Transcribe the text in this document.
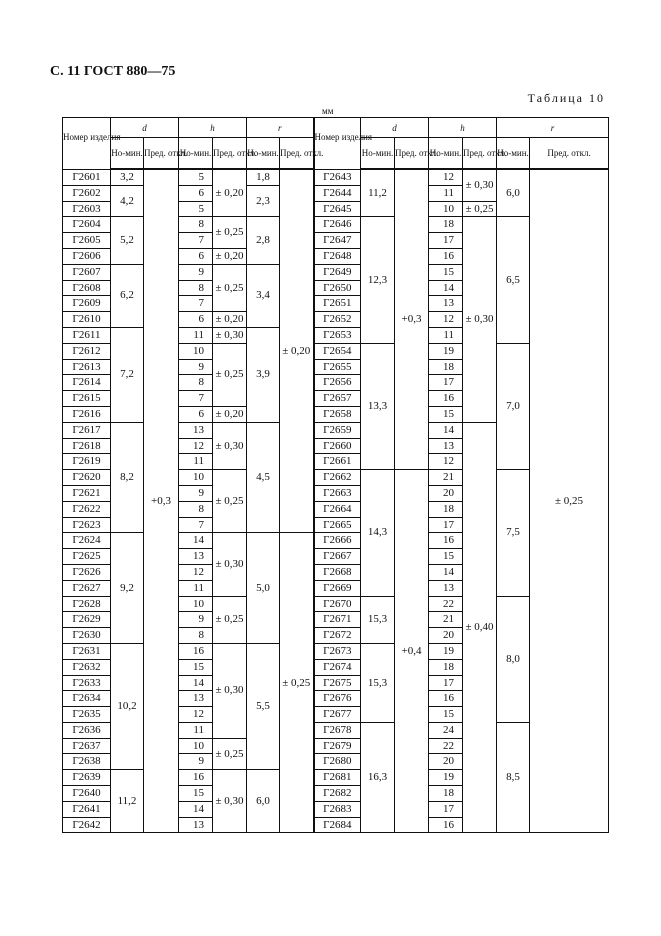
С. 11 ГОСТ 880—75
Таблица 10
мм
Номер изделия	d		h		r		Номер изделия	d		h		r	
	Но-мин.	Пред. откл.	Но-мин.	Пред. откл.	Но-мин.	Пред. откл.		Но-мин.	Пред. откл.	Но-мин.	Пред. откл.	Но-мин.	Пред. откл.
Г2601	3,2	+0,3	5	± 0,20	1,8	± 0,20	Г2643	11,2	+0,3	12	± 0,30	6,0	± 0,25
Г2602	4,2		6		2,3		Г2644			11			
Г2603			5				Г2645			10	± 0,25		
Г2604	5,2		8	± 0,25	2,8		Г2646	12,3		18	± 0,30	6,5	
Г2605			7				Г2647			17			
Г2606			6	± 0,20			Г2648			16			
Г2607	6,2		9	± 0,25	3,4		Г2649			15			
Г2608			8				Г2650			14			
Г2609			7				Г2651			13			
Г2610			6	± 0,20			Г2652			12			
Г2611	7,2		11	± 0,30	3,9		Г2653			11			
Г2612			10	± 0,25			Г2654	13,3		19		7,0	
Г2613			9				Г2655			18			
Г2614			8				Г2656			17			
Г2615			7				Г2657			16			
Г2616			6	± 0,20			Г2658			15			
Г2617	8,2		13	± 0,30	4,5		Г2659			14	± 0,40		
Г2618			12				Г2660			13			
Г2619			11				Г2661			12			
Г2620			10	± 0,25			Г2662	14,3	+0,4	21		7,5	
Г2621			9				Г2663			20			
Г2622			8				Г2664			18			
Г2623			7				Г2665			17			
Г2624	9,2		14	± 0,30	5,0	± 0,25	Г2666			16			
Г2625			13				Г2667			15			
Г2626			12				Г2668			14			
Г2627			11				Г2669			13			
Г2628			10	± 0,25			Г2670	15,3		22		8,0	
Г2629			9				Г2671			21			
Г2630			8				Г2672			20			
Г2631	10,2		16	± 0,30	5,5		Г2673	15,3		19			
Г2632			15				Г2674			18			
Г2633			14				Г2675			17			
Г2634			13				Г2676			16			
Г2635			12				Г2677			15			
Г2636			11				Г2678	16,3		24		8,5	
Г2637			10	± 0,25			Г2679			22			
Г2638			9				Г2680			20			
Г2639	11,2		16	± 0,30	6,0		Г2681			19			
Г2640			15				Г2682			18			
Г2641			14				Г2683			17			
Г2642			13				Г2684			16			
